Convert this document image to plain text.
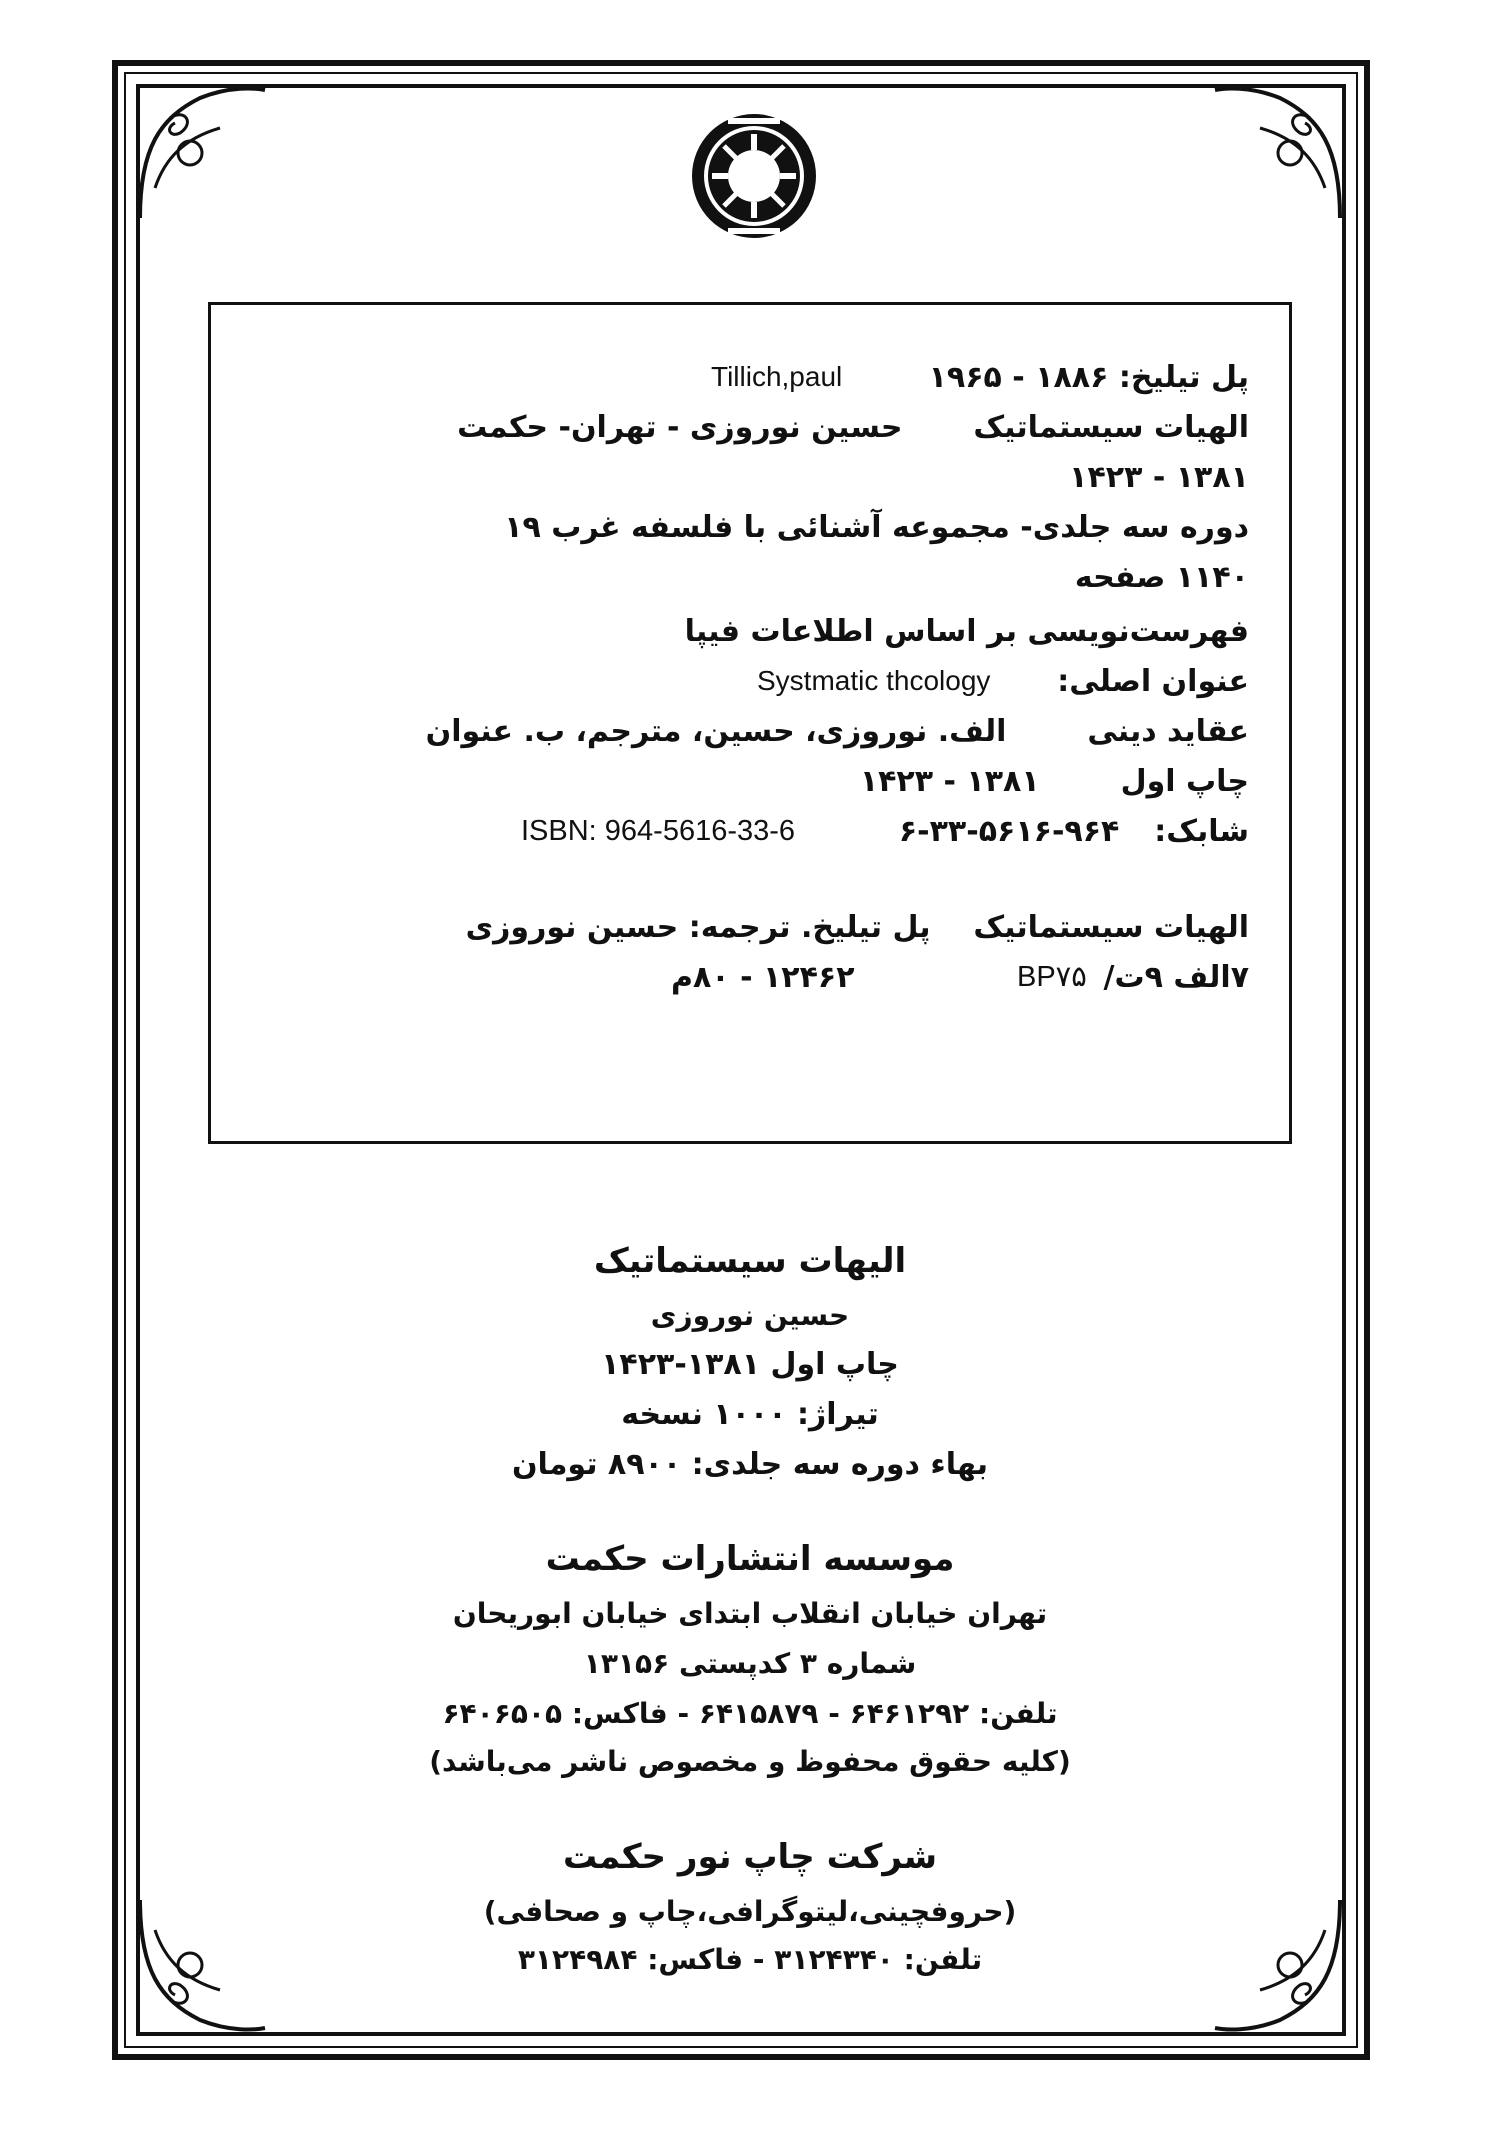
پل تیلیخ: ۱۸۸۶ - ۱۹۶۵
Tillich,paul
الهیات سیستماتیک  حسین نوروزی - تهران- حکمت
۱۳۸۱ - ۱۴۲۳
دوره سه جلدی- مجموعه آشنائی با فلسفه غرب ۱۹
۱۱۴۰ صفحه
فهرست‌نویسی بر اساس اطلاعات فیپا
عنوان اصلی:
Systmatic thcology
عقاید دینی  الف. نوروزی، حسین، مترجم، ب. عنوان
چاپ اول  ۱۳۸۱ - ۱۴۲۳
شابک:  ۹۶۴-۵۶۱۶-۳۳-۶
ISBN: 964-5616-33-6
الهیات سیستماتیک  پل تیلیخ. ترجمه: حسین نوروزی
۷الف ۹ت/
BP۷۵
۱۲۴۶۲ - ۸۰م
الیهات سیستماتیک
حسین نوروزی
چاپ اول ۱۳۸۱-۱۴۲۳
تیراژ: ۱۰۰۰ نسخه
بهاء دوره سه جلدی: ۸۹۰۰ تومان
موسسه انتشارات حکمت
تهران خیابان انقلاب ابتدای خیابان ابوریحان
شماره ۳ کدپستی ۱۳۱۵۶
تلفن: ۶۴۶۱۲۹۲ - ۶۴۱۵۸۷۹ - فاکس: ۶۴۰۶۵۰۵
(کلیه حقوق محفوظ و مخصوص ناشر می‌باشد)
شرکت چاپ نور حکمت
(حروفچینی،لیتوگرافی،چاپ و صحافی)
تلفن: ۳۱۲۴۳۴۰ - فاکس: ۳۱۲۴۹۸۴
